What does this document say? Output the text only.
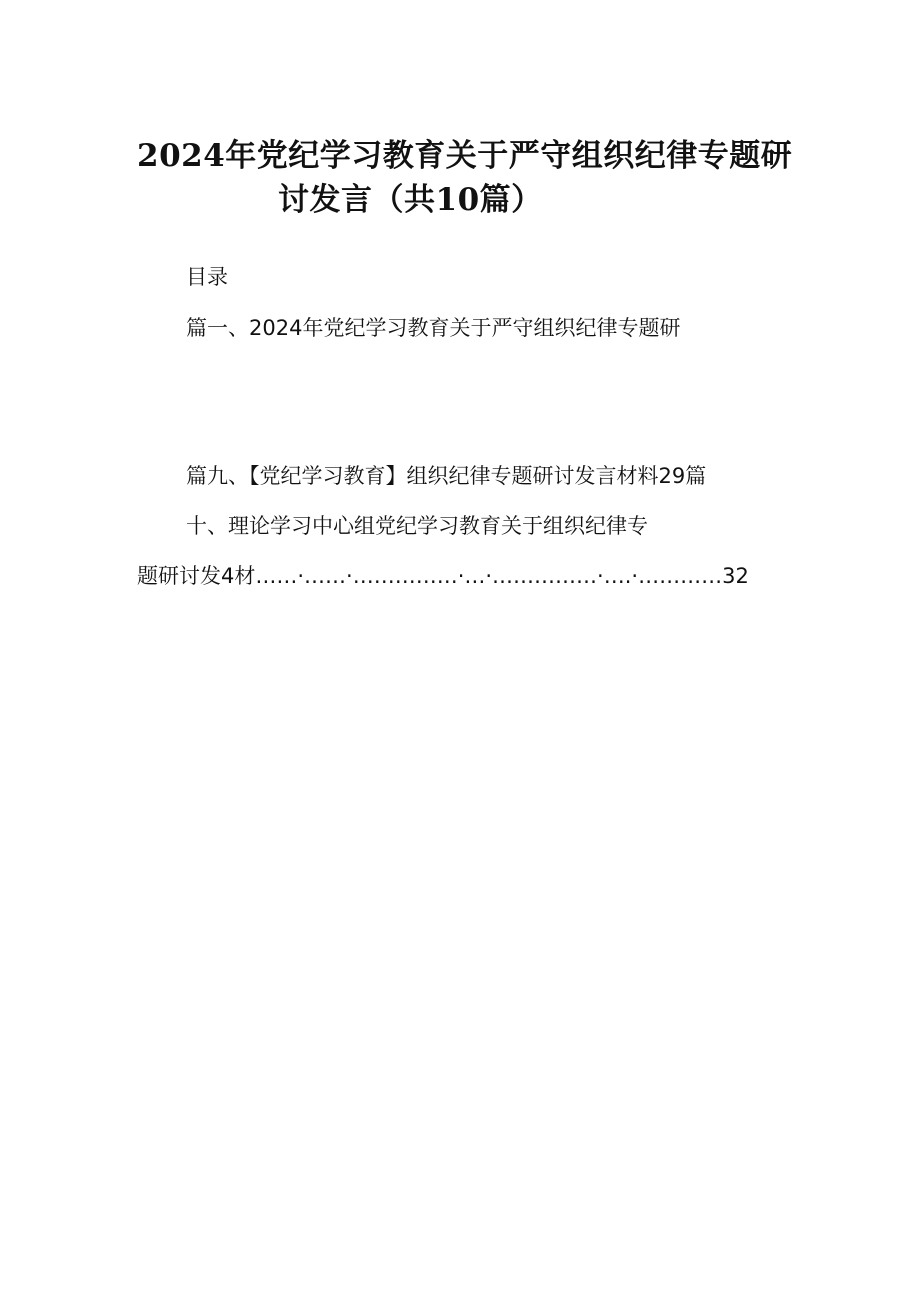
2024年党纪学习教育关于严守组织纪律专题研
讨发言（共10篇）
目录
篇一、2024年党纪学习教育关于严守组织纪律专题研
篇九、【党纪学习教育】组织纪律专题研讨发言材料29篇
十、理论学习中心组党纪学习教育关于组织纪律专
题研讨发4材……·……·……………·…·……………·….·…………32
